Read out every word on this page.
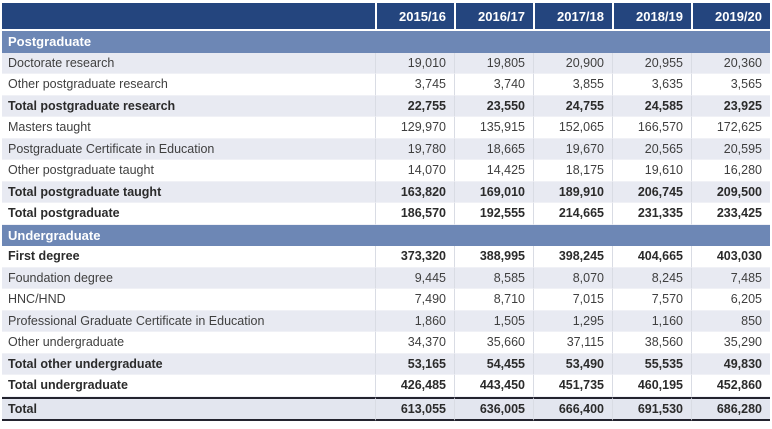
	2015/16	2016/17	2017/18	2018/19	2019/20
Postgraduate					
Doctorate research	19,010	19,805	20,900	20,955	20,360
Other postgraduate research	3,745	3,740	3,855	3,635	3,565
Total postgraduate research	22,755	23,550	24,755	24,585	23,925
Masters taught	129,970	135,915	152,065	166,570	172,625
Postgraduate Certificate in Education	19,780	18,665	19,670	20,565	20,595
Other postgraduate taught	14,070	14,425	18,175	19,610	16,280
Total postgraduate taught	163,820	169,010	189,910	206,745	209,500
Total postgraduate	186,570	192,555	214,665	231,335	233,425
Undergraduate					
First degree	373,320	388,995	398,245	404,665	403,030
Foundation degree	9,445	8,585	8,070	8,245	7,485
HNC/HND	7,490	8,710	7,015	7,570	6,205
Professional Graduate Certificate in Education	1,860	1,505	1,295	1,160	850
Other undergraduate	34,370	35,660	37,115	38,560	35,290
Total other undergraduate	53,165	54,455	53,490	55,535	49,830
Total undergraduate	426,485	443,450	451,735	460,195	452,860
Total	613,055	636,005	666,400	691,530	686,280
